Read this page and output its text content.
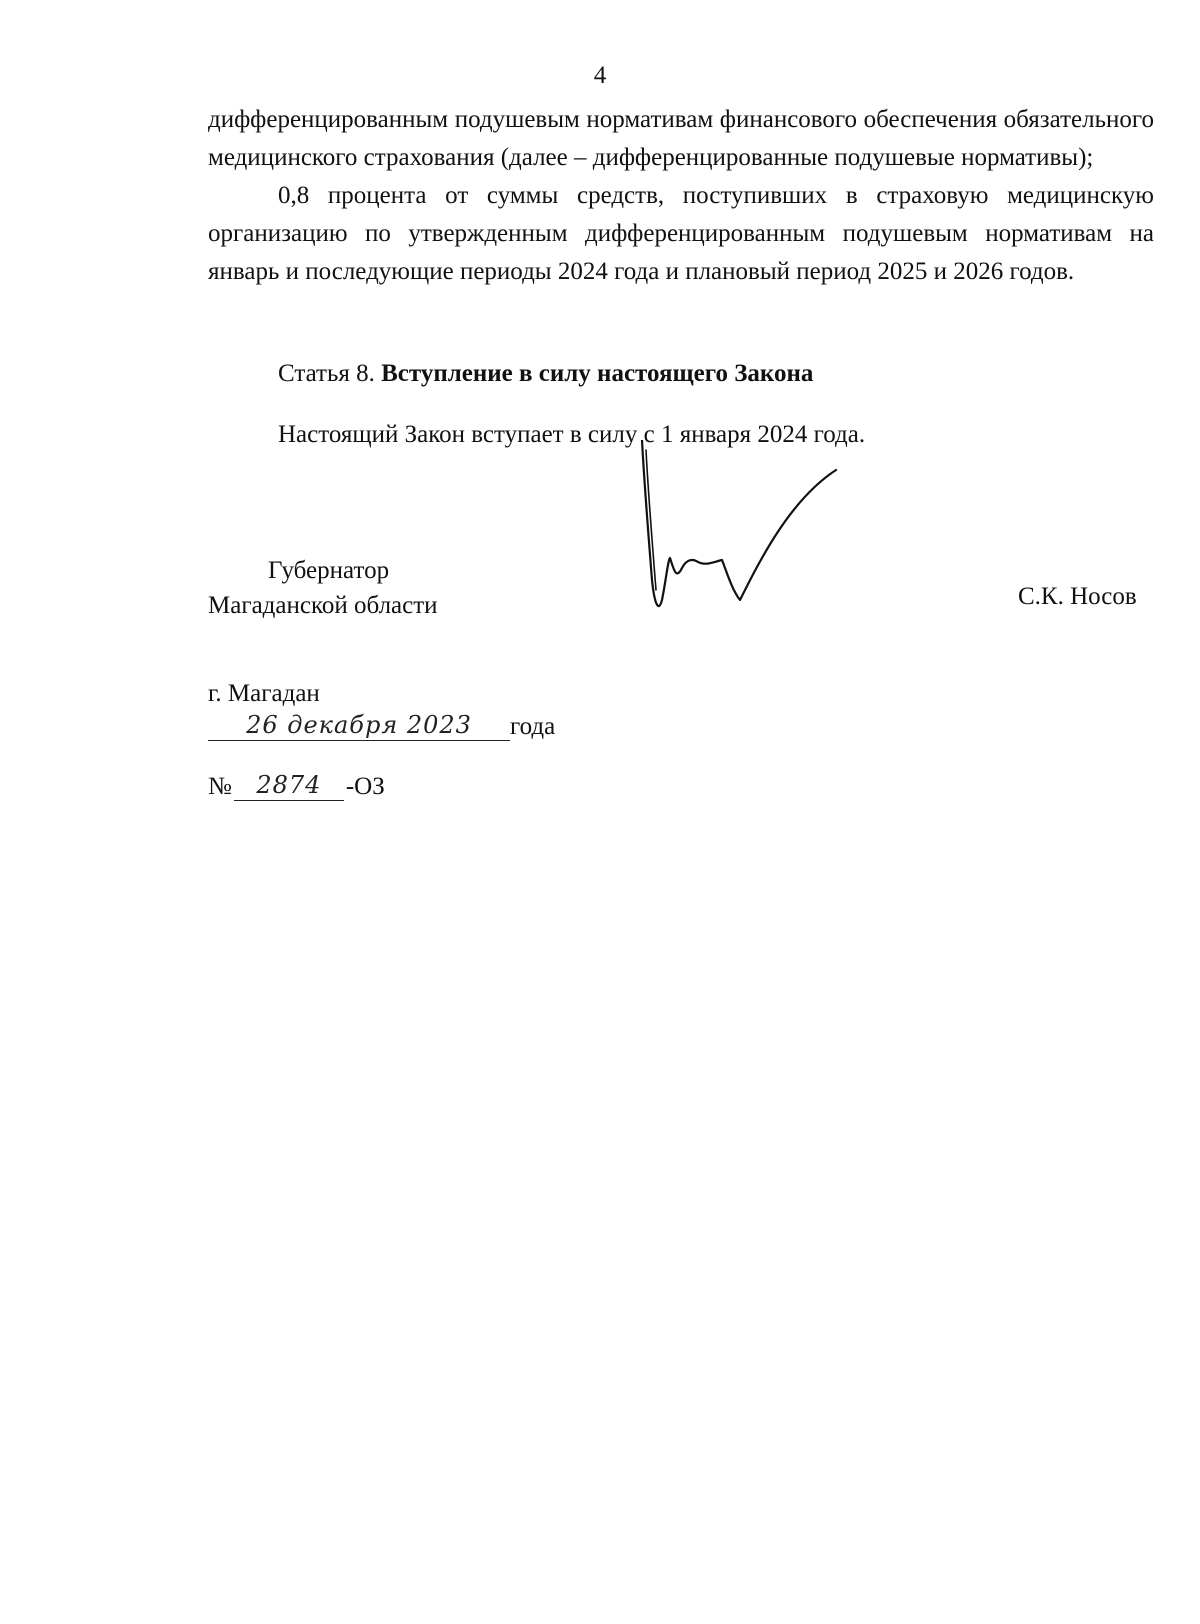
4

дифференцированным подушевым нормативам финансового обеспечения обязательного медицинского страхования (далее – дифференцированные подушевые нормативы);

0,8 процента от суммы средств, поступивших в страховую медицинскую организацию по утвержденным дифференцированным подушевым нормативам на январь и последующие периоды 2024 года и плановый период 2025 и 2026 годов.

Статья 8. Вступление в силу настоящего Закона
Настоящий Закон вступает в силу с 1 января 2024 года.
Губернатор
Магаданской области	С.К. Носов
г. Магадан
26 декабря 2023	года
№	2874 -ОЗ
